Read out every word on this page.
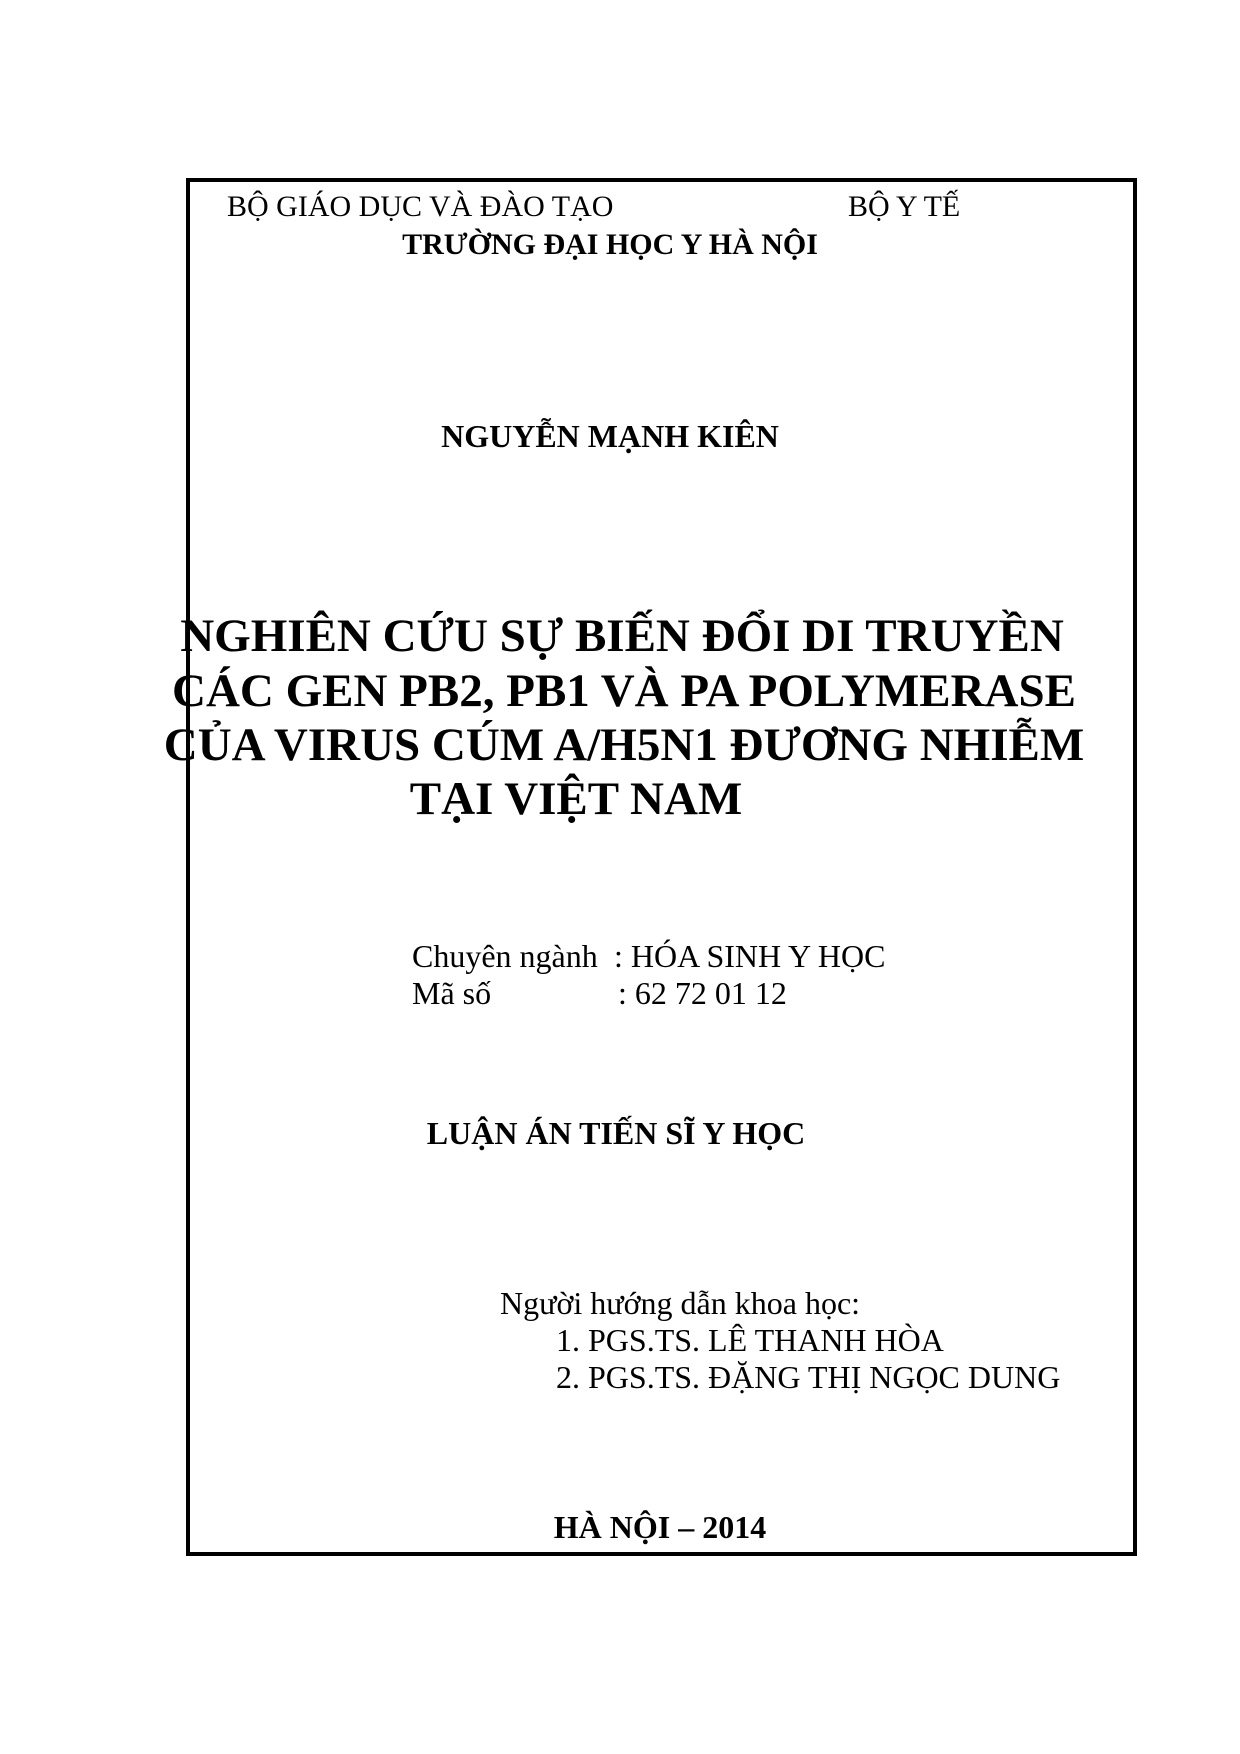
BỘ GIÁO DỤC VÀ ĐÀO TẠO	BỘ Y TẾ
TRƯỜNG ĐẠI HỌC Y HÀ NỘI
NGUYỄN MẠNH KIÊN
NGHIÊN CỨU SỰ BIẾN ĐỔI DI TRUYỀN
CÁC GEN PB2, PB1 VÀ PA POLYMERASE
CỦA VIRUS CÚM A/H5N1 ĐƯƠNG NHIỄM
TẠI VIỆT NAM
Chuyên ngành : HÓA SINH Y HỌC
Mã số	: 62 72 01 12
LUẬN ÁN TIẾN SĨ Y HỌC
Người hướng dẫn khoa học:
1. PGS.TS. LÊ THANH HÒA
2. PGS.TS. ĐẶNG THỊ NGỌC DUNG
HÀ NỘI – 2014
